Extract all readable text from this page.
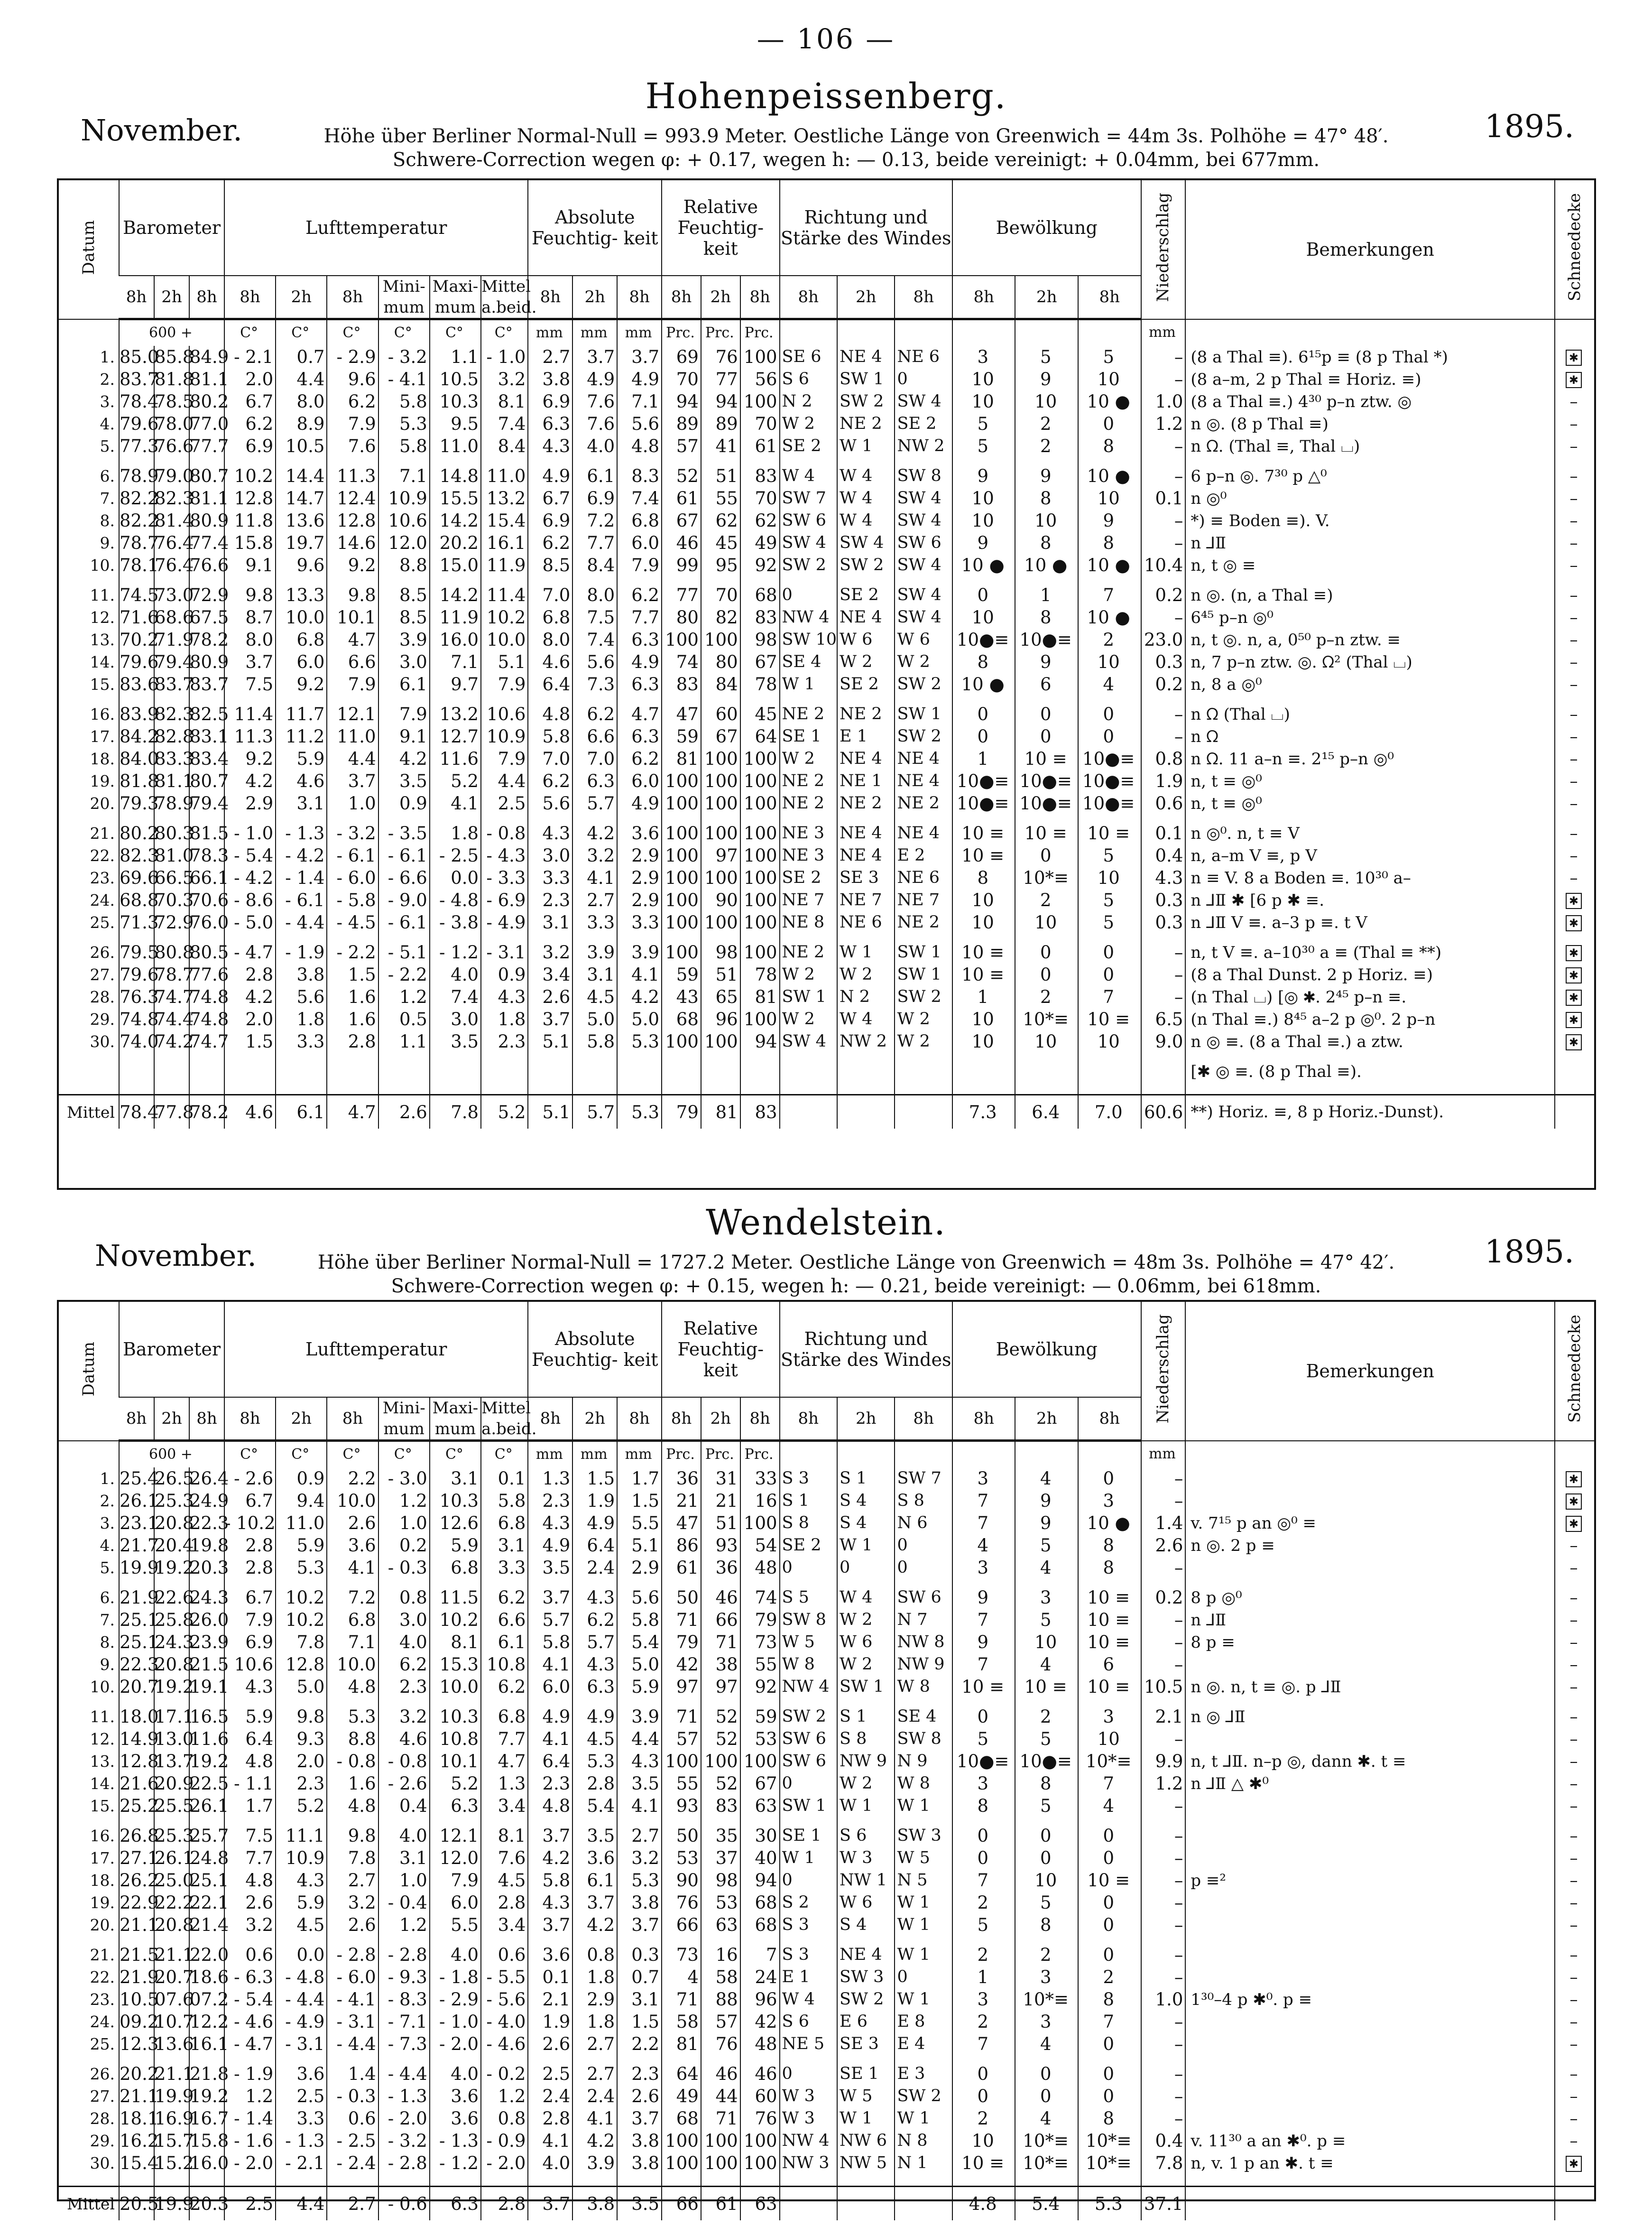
— 106 —
Hohenpeissenberg.
November.	1895.
Höhe über Berliner Normal-Null = 993.9 Meter. Oestliche Länge von Greenwich = 44m 3s. Polhöhe = 47° 48′.
Schwere-Correction wegen φ: + 0.17, wegen h: — 0.13, beide vereinigt: + 0.04mm, bei 677mm.
Datum	Barometer			Lufttemperatur						Absolute Feuchtig- keit			Relative Feuchtig- keit			Richtung und Stärke des Windes			Bewölkung			Niederschlag	Bemerkungen	Schneedecke
	8h	2h	8h	8h	2h	8h	Mini- mum	Maxi- mum	Mittel a.beid.	8h	2h	8h	8h	2h	8h	8h	2h	8h	8h	2h	8h			
	600 +			C°	C°	C°	C°	C°	C°	mm	mm	mm	Prc.	Prc.	Prc.							mm		
1.	85.0	85.8	84.9	- 2.1	0.7	- 2.9	- 3.2	1.1	- 1.0	2.7	3.7	3.7	69	76	100	SE 6	NE 4	NE 6	3	5	5	–	(8 a Thal ≡). 6¹⁵p ≡ (8 p Thal *)	✱
2.	83.7	81.8	81.1	2.0	4.4	9.6	- 4.1	10.5	3.2	3.8	4.9	4.9	70	77	56	S 6	SW 1	0	10	9	10	–	(8 a–m, 2 p Thal ≡ Horiz. ≡)	✱
3.	78.4	78.5	80.2	6.7	8.0	6.2	5.8	10.3	8.1	6.9	7.6	7.1	94	94	100	N 2	SW 2	SW 4	10	10	10 ●	1.0	(8 a Thal ≡.) 4³⁰ p–n ztw. ◎	–
4.	79.6	78.0	77.0	6.2	8.9	7.9	5.3	9.5	7.4	6.3	7.6	5.6	89	89	70	W 2	NE 2	SE 2	5	2	0	1.2	n ◎. (8 p Thal ≡)	–
5.	77.3	76.6	77.7	6.9	10.5	7.6	5.8	11.0	8.4	4.3	4.0	4.8	57	41	61	SE 2	W 1	NW 2	5	2	8	–	n ᘯ. (Thal ≡, Thal ⌴)	–

6.	78.9	79.0	80.7	10.2	14.4	11.3	7.1	14.8	11.0	4.9	6.1	8.3	52	51	83	W 4	W 4	SW 8	9	9	10 ●	–	6 p–n ◎. 7³⁰ p △⁰	–
7.	82.2	82.3	81.1	12.8	14.7	12.4	10.9	15.5	13.2	6.7	6.9	7.4	61	55	70	SW 7	W 4	SW 4	10	8	10	0.1	n ◎⁰	–
8.	82.2	81.4	80.9	11.8	13.6	12.8	10.6	14.2	15.4	6.9	7.2	6.8	67	62	62	SW 6	W 4	SW 4	10	10	9	–	*) ≡ Boden ≡). V.	–
9.	78.7	76.4	77.4	15.8	19.7	14.6	12.0	20.2	16.1	6.2	7.7	6.0	46	45	49	SW 4	SW 4	SW 6	9	8	8	–	n ⅃Ⅱ	–
10.	78.1	76.4	76.6	9.1	9.6	9.2	8.8	15.0	11.9	8.5	8.4	7.9	99	95	92	SW 2	SW 2	SW 4	10 ●	10 ●	10 ●	10.4	n, t ◎ ≡	–

11.	74.5	73.0	72.9	9.8	13.3	9.8	8.5	14.2	11.4	7.0	8.0	6.2	77	70	68	0	SE 2	SW 4	0	1	7	0.2	n ◎. (n, a Thal ≡)	–
12.	71.6	68.6	67.5	8.7	10.0	10.1	8.5	11.9	10.2	6.8	7.5	7.7	80	82	83	NW 4	NE 4	SW 4	10	8	10 ●	–	6⁴⁵ p–n ◎⁰	–
13.	70.2	71.9	78.2	8.0	6.8	4.7	3.9	16.0	10.0	8.0	7.4	6.3	100	100	98	SW 10	W 6	W 6	10●≡	10●≡	2	23.0	n, t ◎. n, a, 0⁵⁰ p–n ztw. ≡	–
14.	79.6	79.4	80.9	3.7	6.0	6.6	3.0	7.1	5.1	4.6	5.6	4.9	74	80	67	SE 4	W 2	W 2	8	9	10	0.3	n, 7 p–n ztw. ◎. ᘯ² (Thal ⌴)	–
15.	83.6	83.7	83.7	7.5	9.2	7.9	6.1	9.7	7.9	6.4	7.3	6.3	83	84	78	W 1	SE 2	SW 2	10 ●	6	4	0.2	n, 8 a ◎⁰	–

16.	83.9	82.3	82.5	11.4	11.7	12.1	7.9	13.2	10.6	4.8	6.2	4.7	47	60	45	NE 2	NE 2	SW 1	0	0	0	–	n ᘯ (Thal ⌴)	–
17.	84.2	82.8	83.1	11.3	11.2	11.0	9.1	12.7	10.9	5.8	6.6	6.3	59	67	64	SE 1	E 1	SW 2	0	0	0	–	n ᘯ	–
18.	84.0	83.3	83.4	9.2	5.9	4.4	4.2	11.6	7.9	7.0	7.0	6.2	81	100	100	W 2	NE 4	NE 4	1	10 ≡	10●≡	0.8	n ᘯ. 11 a–n ≡. 2¹⁵ p–n ◎⁰	–
19.	81.8	81.1	80.7	4.2	4.6	3.7	3.5	5.2	4.4	6.2	6.3	6.0	100	100	100	NE 2	NE 1	NE 4	10●≡	10●≡	10●≡	1.9	n, t ≡ ◎⁰	–
20.	79.3	78.9	79.4	2.9	3.1	1.0	0.9	4.1	2.5	5.6	5.7	4.9	100	100	100	NE 2	NE 2	NE 2	10●≡	10●≡	10●≡	0.6	n, t ≡ ◎⁰	–

21.	80.2	80.3	81.5	- 1.0	- 1.3	- 3.2	- 3.5	1.8	- 0.8	4.3	4.2	3.6	100	100	100	NE 3	NE 4	NE 4	10 ≡	10 ≡	10 ≡	0.1	n ◎⁰. n, t ≡ V	–
22.	82.3	81.0	78.3	- 5.4	- 4.2	- 6.1	- 6.1	- 2.5	- 4.3	3.0	3.2	2.9	100	97	100	NE 3	NE 4	E 2	10 ≡	0	5	0.4	n, a–m V ≡, p V	–
23.	69.6	66.5	66.1	- 4.2	- 1.4	- 6.0	- 6.6	0.0	- 3.3	3.3	4.1	2.9	100	100	100	SE 2	SE 3	NE 6	8	10*≡	10	4.3	n ≡ V. 8 a Boden ≡. 10³⁰ a–	–
24.	68.8	70.3	70.6	- 8.6	- 6.1	- 5.8	- 9.0	- 4.8	- 6.9	2.3	2.7	2.9	100	90	100	NE 7	NE 7	NE 7	10	2	5	0.3	n ⅃Ⅱ ✱ [6 p ✱ ≡.	✱
25.	71.3	72.9	76.0	- 5.0	- 4.4	- 4.5	- 6.1	- 3.8	- 4.9	3.1	3.3	3.3	100	100	100	NE 8	NE 6	NE 2	10	10	5	0.3	n ⅃Ⅱ V ≡. a–3 p ≡. t V	✱

26.	79.5	80.8	80.5	- 4.7	- 1.9	- 2.2	- 5.1	- 1.2	- 3.1	3.2	3.9	3.9	100	98	100	NE 2	W 1	SW 1	10 ≡	0	0	–	n, t V ≡. a–10³⁰ a ≡ (Thal ≡ **)	✱
27.	79.6	78.7	77.6	2.8	3.8	1.5	- 2.2	4.0	0.9	3.4	3.1	4.1	59	51	78	W 2	W 2	SW 1	10 ≡	0	0	–	(8 a Thal Dunst. 2 p Horiz. ≡)	✱
28.	76.3	74.7	74.8	4.2	5.6	1.6	1.2	7.4	4.3	2.6	4.5	4.2	43	65	81	SW 1	N 2	SW 2	1	2	7	–	(n Thal ⌴) [◎ ✱. 2⁴⁵ p–n ≡.	✱
29.	74.8	74.4	74.8	2.0	1.8	1.6	0.5	3.0	1.8	3.7	5.0	5.0	68	96	100	W 2	W 4	W 2	10	10*≡	10 ≡	6.5	(n Thal ≡.) 8⁴⁵ a–2 p ◎⁰. 2 p–n	✱
30.	74.0	74.2	74.7	1.5	3.3	2.8	1.1	3.5	2.3	5.1	5.8	5.3	100	100	94	SW 4	NW 2	W 2	10	10	10	9.0	n ◎ ≡. (8 a Thal ≡.) a ztw.	✱

																							[✱ ◎ ≡. (8 p Thal ≡).	

Mittel	78.4	77.8	78.2	4.6	6.1	4.7	2.6	7.8	5.2	5.1	5.7	5.3	79	81	83				7.3	6.4	7.0	60.6	**) Horiz. ≡, 8 p Horiz.-Dunst).	
Wendelstein.
November.	1895.
Höhe über Berliner Normal-Null = 1727.2 Meter. Oestliche Länge von Greenwich = 48m 3s. Polhöhe = 47° 42′.
Schwere-Correction wegen φ: + 0.15, wegen h: — 0.21, beide vereinigt: — 0.06mm, bei 618mm.
Datum	Barometer			Lufttemperatur						Absolute Feuchtig- keit			Relative Feuchtig- keit			Richtung und Stärke des Windes			Bewölkung			Niederschlag	Bemerkungen	Schneedecke
	8h	2h	8h	8h	2h	8h	Mini- mum	Maxi- mum	Mittel a.beid.	8h	2h	8h	8h	2h	8h	8h	2h	8h	8h	2h	8h			
	600 +			C°	C°	C°	C°	C°	C°	mm	mm	mm	Prc.	Prc.	Prc.							mm		
1.	25.4	26.5	26.4	- 2.6	0.9	2.2	- 3.0	3.1	0.1	1.3	1.5	1.7	36	31	33	S 3	S 1	SW 7	3	4	0	–		✱
2.	26.1	25.3	24.9	6.7	9.4	10.0	1.2	10.3	5.8	2.3	1.9	1.5	21	21	16	S 1	S 4	S 8	7	9	3	–		✱
3.	23.1	20.8	22.3	- 10.2	11.0	2.6	1.0	12.6	6.8	4.3	4.9	5.5	47	51	100	S 8	S 4	N 6	7	9	10 ●	1.4	v. 7¹⁵ p an ◎⁰ ≡	✱
4.	21.7	20.4	19.8	2.8	5.9	3.6	0.2	5.9	3.1	4.9	6.4	5.1	86	93	54	SE 2	W 1	0	4	5	8	2.6	n ◎. 2 p ≡	–
5.	19.9	19.2	20.3	2.8	5.3	4.1	- 0.3	6.8	3.3	3.5	2.4	2.9	61	36	48	0	0	0	3	4	8	–		–

6.	21.9	22.6	24.3	6.7	10.2	7.2	0.8	11.5	6.2	3.7	4.3	5.6	50	46	74	S 5	W 4	SW 6	9	3	10 ≡	0.2	8 p ◎⁰	–
7.	25.1	25.8	26.0	7.9	10.2	6.8	3.0	10.2	6.6	5.7	6.2	5.8	71	66	79	SW 8	W 2	N 7	7	5	10 ≡	–	n ⅃Ⅱ	–
8.	25.1	24.3	23.9	6.9	7.8	7.1	4.0	8.1	6.1	5.8	5.7	5.4	79	71	73	W 5	W 6	NW 8	9	10	10 ≡	–	8 p ≡	–
9.	22.3	20.8	21.5	10.6	12.8	10.0	6.2	15.3	10.8	4.1	4.3	5.0	42	38	55	W 8	W 2	NW 9	7	4	6	–		–
10.	20.7	19.2	19.1	4.3	5.0	4.8	2.3	10.0	6.2	6.0	6.3	5.9	97	97	92	NW 4	SW 1	W 8	10 ≡	10 ≡	10 ≡	10.5	n ◎. n, t ≡ ◎. p ⅃Ⅱ	–

11.	18.0	17.1	16.5	5.9	9.8	5.3	3.2	10.3	6.8	4.9	4.9	3.9	71	52	59	SW 2	S 1	SE 4	0	2	3	2.1	n ◎ ⅃Ⅱ	–
12.	14.9	13.0	11.6	6.4	9.3	8.8	4.6	10.8	7.7	4.1	4.5	4.4	57	52	53	SW 6	S 8	SW 8	5	5	10	–		–
13.	12.8	13.7	19.2	4.8	2.0	- 0.8	- 0.8	10.1	4.7	6.4	5.3	4.3	100	100	100	SW 6	NW 9	N 9	10●≡	10●≡	10*≡	9.9	n, t ⅃Ⅱ. n–p ◎, dann ✱. t ≡	–
14.	21.6	20.9	22.5	- 1.1	2.3	1.6	- 2.6	5.2	1.3	2.3	2.8	3.5	55	52	67	0	W 2	W 8	3	8	7	1.2	n ⅃Ⅱ △ ✱⁰	–
15.	25.2	25.5	26.1	1.7	5.2	4.8	0.4	6.3	3.4	4.8	5.4	4.1	93	83	63	SW 1	W 1	W 1	8	5	4	–		–

16.	26.8	25.3	25.7	7.5	11.1	9.8	4.0	12.1	8.1	3.7	3.5	2.7	50	35	30	SE 1	S 6	SW 3	0	0	0	–		–
17.	27.1	26.1	24.8	7.7	10.9	7.8	3.1	12.0	7.6	4.2	3.6	3.2	53	37	40	W 1	W 3	W 5	0	0	0	–		–
18.	26.2	25.0	25.1	4.8	4.3	2.7	1.0	7.9	4.5	5.8	6.1	5.3	90	98	94	0	NW 1	N 5	7	10	10 ≡	–	p ≡²	–
19.	22.9	22.2	22.1	2.6	5.9	3.2	- 0.4	6.0	2.8	4.3	3.7	3.8	76	53	68	S 2	W 6	W 1	2	5	0	–		–
20.	21.1	20.8	21.4	3.2	4.5	2.6	1.2	5.5	3.4	3.7	4.2	3.7	66	63	68	S 3	S 4	W 1	5	8	0	–		–

21.	21.5	21.1	22.0	0.6	0.0	- 2.8	- 2.8	4.0	0.6	3.6	0.8	0.3	73	16	7	S 3	NE 4	W 1	2	2	0	–		–
22.	21.9	20.7	18.6	- 6.3	- 4.8	- 6.0	- 9.3	- 1.8	- 5.5	0.1	1.8	0.7	4	58	24	E 1	SW 3	0	1	3	2	–		–
23.	10.5	07.6	07.2	- 5.4	- 4.4	- 4.1	- 8.3	- 2.9	- 5.6	2.1	2.9	3.1	71	88	96	W 4	SW 2	W 1	3	10*≡	8	1.0	1³⁰–4 p ✱⁰. p ≡	–
24.	09.2	10.7	12.2	- 4.6	- 4.9	- 3.1	- 7.1	- 1.0	- 4.0	1.9	1.8	1.5	58	57	42	S 6	E 6	E 8	2	3	7	–		–
25.	12.3	13.6	16.1	- 4.7	- 3.1	- 4.4	- 7.3	- 2.0	- 4.6	2.6	2.7	2.2	81	76	48	NE 5	SE 3	E 4	7	4	0	–		–

26.	20.2	21.1	21.8	- 1.9	3.6	1.4	- 4.4	4.0	- 0.2	2.5	2.7	2.3	64	46	46	0	SE 1	E 3	0	0	0	–		–
27.	21.1	19.9	19.2	1.2	2.5	- 0.3	- 1.3	3.6	1.2	2.4	2.4	2.6	49	44	60	W 3	W 5	SW 2	0	0	0	–		–
28.	18.1	16.9	16.7	- 1.4	3.3	0.6	- 2.0	3.6	0.8	2.8	4.1	3.7	68	71	76	W 3	W 1	W 1	2	4	8	–		–
29.	16.2	15.7	15.8	- 1.6	- 1.3	- 2.5	- 3.2	- 1.3	- 0.9	4.1	4.2	3.8	100	100	100	NW 4	NW 6	N 8	10	10*≡	10*≡	0.4	v. 11³⁰ a an ✱⁰. p ≡	–
30.	15.4	15.2	16.0	- 2.0	- 2.1	- 2.4	- 2.8	- 1.2	- 2.0	4.0	3.9	3.8	100	100	100	NW 3	NW 5	N 1	10 ≡	10*≡	10*≡	7.8	n, v. 1 p an ✱. t ≡	✱

Mittel	20.5	19.9	20.3	2.5	4.4	2.7	- 0.6	6.3	2.8	3.7	3.8	3.5	66	61	63				4.8	5.4	5.3	37.1		
